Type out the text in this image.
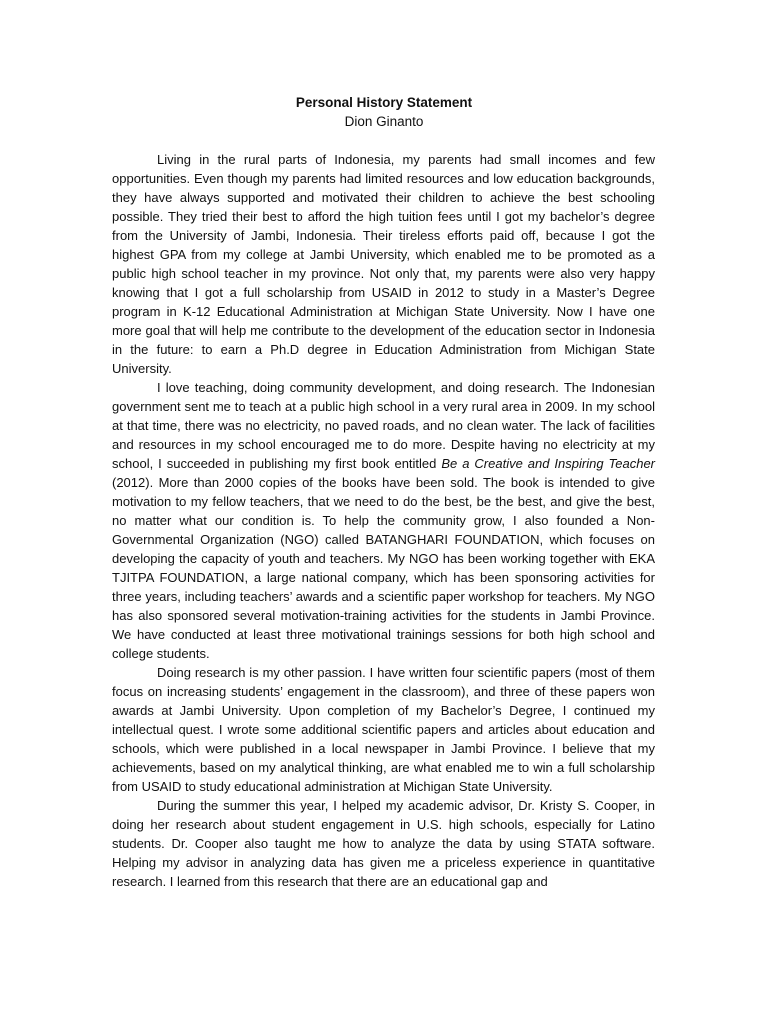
Personal History Statement

Dion Ginanto

Living in the rural parts of Indonesia, my parents had small incomes and few opportunities. Even though my parents had limited resources and low education backgrounds, they have always supported and motivated their children to achieve the best schooling possible. They tried their best to afford the high tuition fees until I got my bachelor’s degree from the University of Jambi, Indonesia. Their tireless efforts paid off, because I got the highest GPA from my college at Jambi University, which enabled me to be promoted as a public high school teacher in my province. Not only that, my parents were also very happy knowing that I got a full scholarship from USAID in 2012 to study in a Master’s Degree program in K-12 Educational Administration at Michigan State University. Now I have one more goal that will help me contribute to the development of the education sector in Indonesia in the future: to earn a Ph.D degree in Education Administration from Michigan State University.

I love teaching, doing community development, and doing research. The Indonesian government sent me to teach at a public high school in a very rural area in 2009. In my school at that time, there was no electricity, no paved roads, and no clean water. The lack of facilities and resources in my school encouraged me to do more. Despite having no electricity at my school, I succeeded in publishing my first book entitled Be a Creative and Inspiring Teacher (2012). More than 2000 copies of the books have been sold. The book is intended to give motivation to my fellow teachers, that we need to do the best, be the best, and give the best, no matter what our condition is. To help the community grow, I also founded a Non-Governmental Organization (NGO) called BATANGHARI FOUNDATION, which focuses on developing the capacity of youth and teachers. My NGO has been working together with EKA TJITPA FOUNDATION, a large national company, which has been sponsoring activities for three years, including teachers’ awards and a scientific paper workshop for teachers. My NGO has also sponsored several motivation-training activities for the students in Jambi Province. We have conducted at least three motivational trainings sessions for both high school and college students.

Doing research is my other passion. I have written four scientific papers (most of them focus on increasing students’ engagement in the classroom), and three of these papers won awards at Jambi University. Upon completion of my Bachelor’s Degree, I continued my intellectual quest. I wrote some additional scientific papers and articles about education and schools, which were published in a local newspaper in Jambi Province. I believe that my achievements, based on my analytical thinking, are what enabled me to win a full scholarship from USAID to study educational administration at Michigan State University.

During the summer this year, I helped my academic advisor, Dr. Kristy S. Cooper, in doing her research about student engagement in U.S. high schools, especially for Latino students. Dr. Cooper also taught me how to analyze the data by using STATA software. Helping my advisor in analyzing data has given me a priceless experience in quantitative research. I learned from this research that there are an educational gap and
